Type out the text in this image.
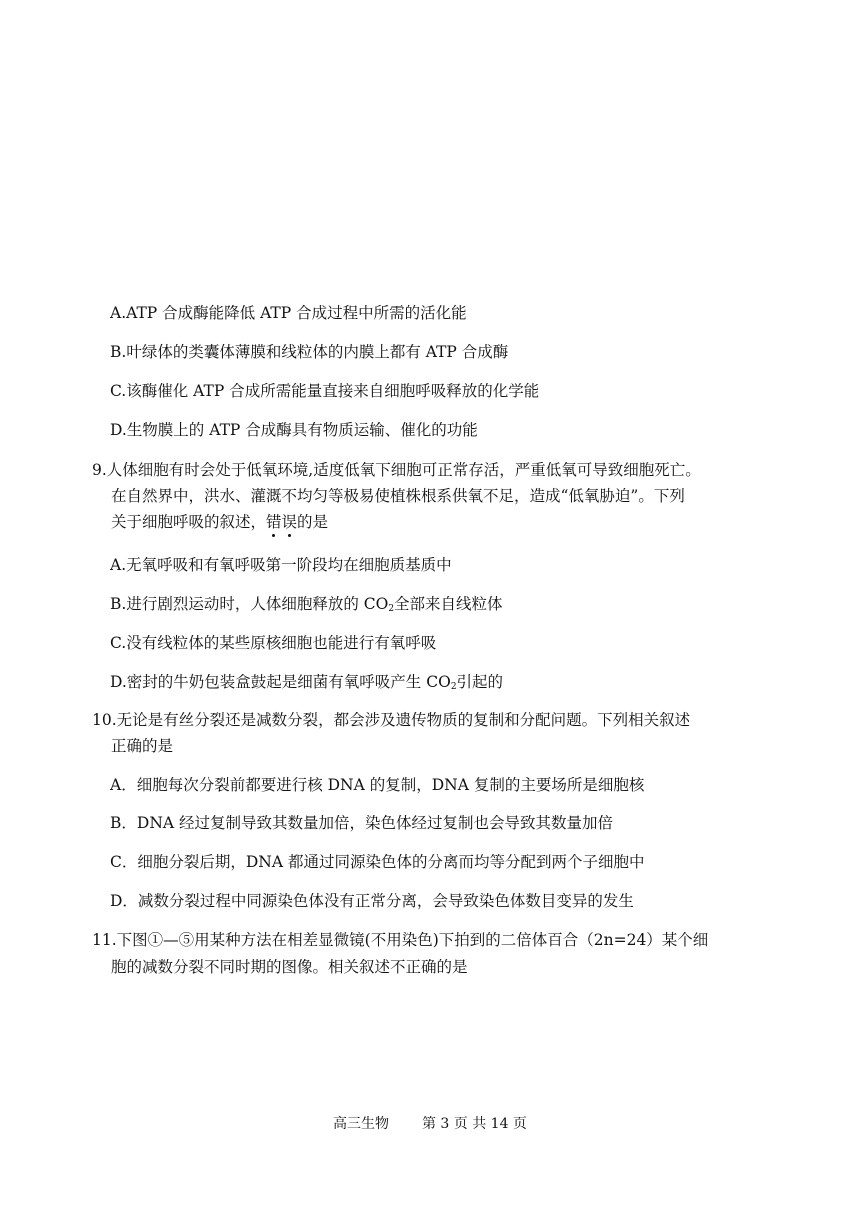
A.ATP 合成酶能降低 ATP 合成过程中所需的活化能
B.叶绿体的类囊体薄膜和线粒体的内膜上都有 ATP 合成酶
C.该酶催化 ATP 合成所需能量直接来自细胞呼吸释放的化学能
D.生物膜上的 ATP 合成酶具有物质运输、催化的功能
9.人体细胞有时会处于低氧环境,适度低氧下细胞可正常存活，严重低氧可导致细胞死亡。
在自然界中，洪水、灌溉不均匀等极易使植株根系供氧不足，造成“低氧胁迫”。下列
关于细胞呼吸的叙述，错误的是
A.无氧呼吸和有氧呼吸第一阶段均在细胞质基质中
B.进行剧烈运动时，人体细胞释放的 $CO_2$全部来自线粒体
C.没有线粒体的某些原核细胞也能进行有氧呼吸
D.密封的牛奶包装盒鼓起是细菌有氧呼吸产生 $CO_2$引起的
10.无论是有丝分裂还是减数分裂，都会涉及遗传物质的复制和分配问题。下列相关叙述
正确的是
A．细胞每次分裂前都要进行核 DNA 的复制，DNA 复制的主要场所是细胞核
B．DNA 经过复制导致其数量加倍，染色体经过复制也会导致其数量加倍
C．细胞分裂后期，DNA 都通过同源染色体的分离而均等分配到两个子细胞中
D．减数分裂过程中同源染色体没有正常分离，会导致染色体数目变异的发生
11.下图①—⑤用某种方法在相差显微镜(不用染色)下拍到的二倍体百合（2n=24）某个细
胞的减数分裂不同时期的图像。相关叙述不正确的是
高三生物 第 3 页 共 14 页
